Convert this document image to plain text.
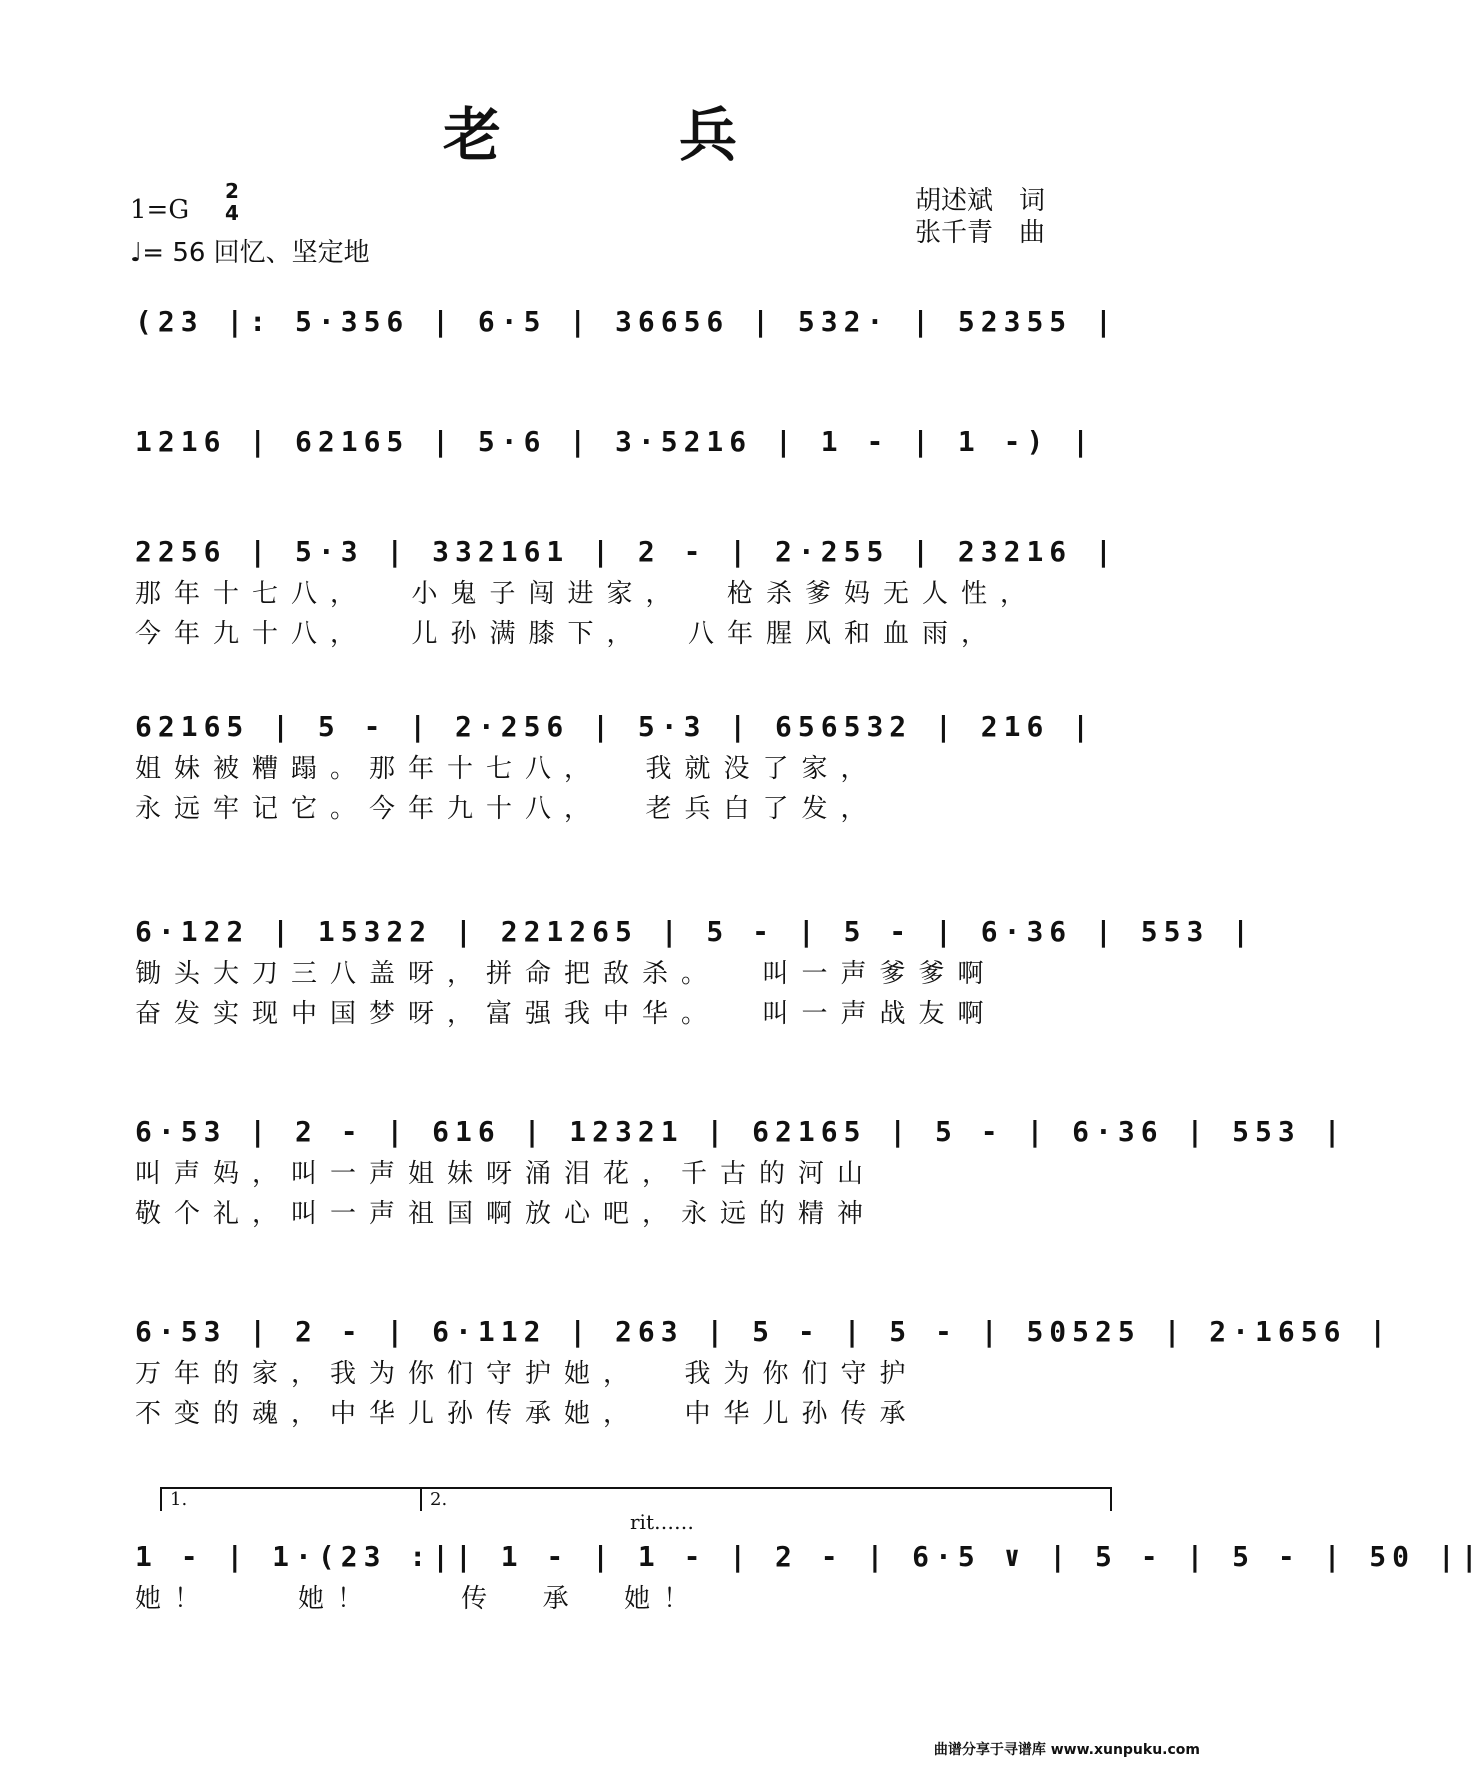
老　兵
1=G
2
4
♩= 56 回忆、坚定地
胡述斌　词
张千青　曲
(23 |: 5·356 | 6·5 | 36656 | 532· | 52355 |
1216 | 62165 | 5·6 | 3·5216 | 1 - | 1 -) |
2256 | 5·3 | 332161 | 2 - | 2·255 | 23216 |
那年十七八，  小鬼子闯进家，  枪杀爹妈无人性，
今年九十八，  儿孙满膝下，  八年腥风和血雨，
62165 | 5 - | 2·256 | 5·3 | 656532 | 216 |
姐妹被糟蹋。那年十七八，  我就没了家，
永远牢记它。今年九十八，  老兵白了发，
6·122 | 15322 | 221265 | 5 - | 5 - | 6·36 | 553 |
锄头大刀三八盖呀，拼命把敌杀。  叫一声爹爹啊
奋发实现中国梦呀，富强我中华。  叫一声战友啊
6·53 | 2 - | 616 | 12321 | 62165 | 5 - | 6·36 | 553 |
叫声妈，叫一声姐妹呀涌泪花，千古的河山
敬个礼，叫一声祖国啊放心吧，永远的精神
6·53 | 2 - | 6·112 | 263 | 5 - | 5 - | 50525 | 2·1656 |
万年的家，我为你们守护她，  我为你们守护
不变的魂，中华儿孙传承她，  中华儿孙传承
1.	2.
rit……
1 - | 1·(23 :|| 1 - | 1 - | 2 - | 6·5 ∨ | 5 - | 5 - | 50 ||
她！    她！    传  承  她！
曲谱分享于寻谱库 www.xunpuku.com
